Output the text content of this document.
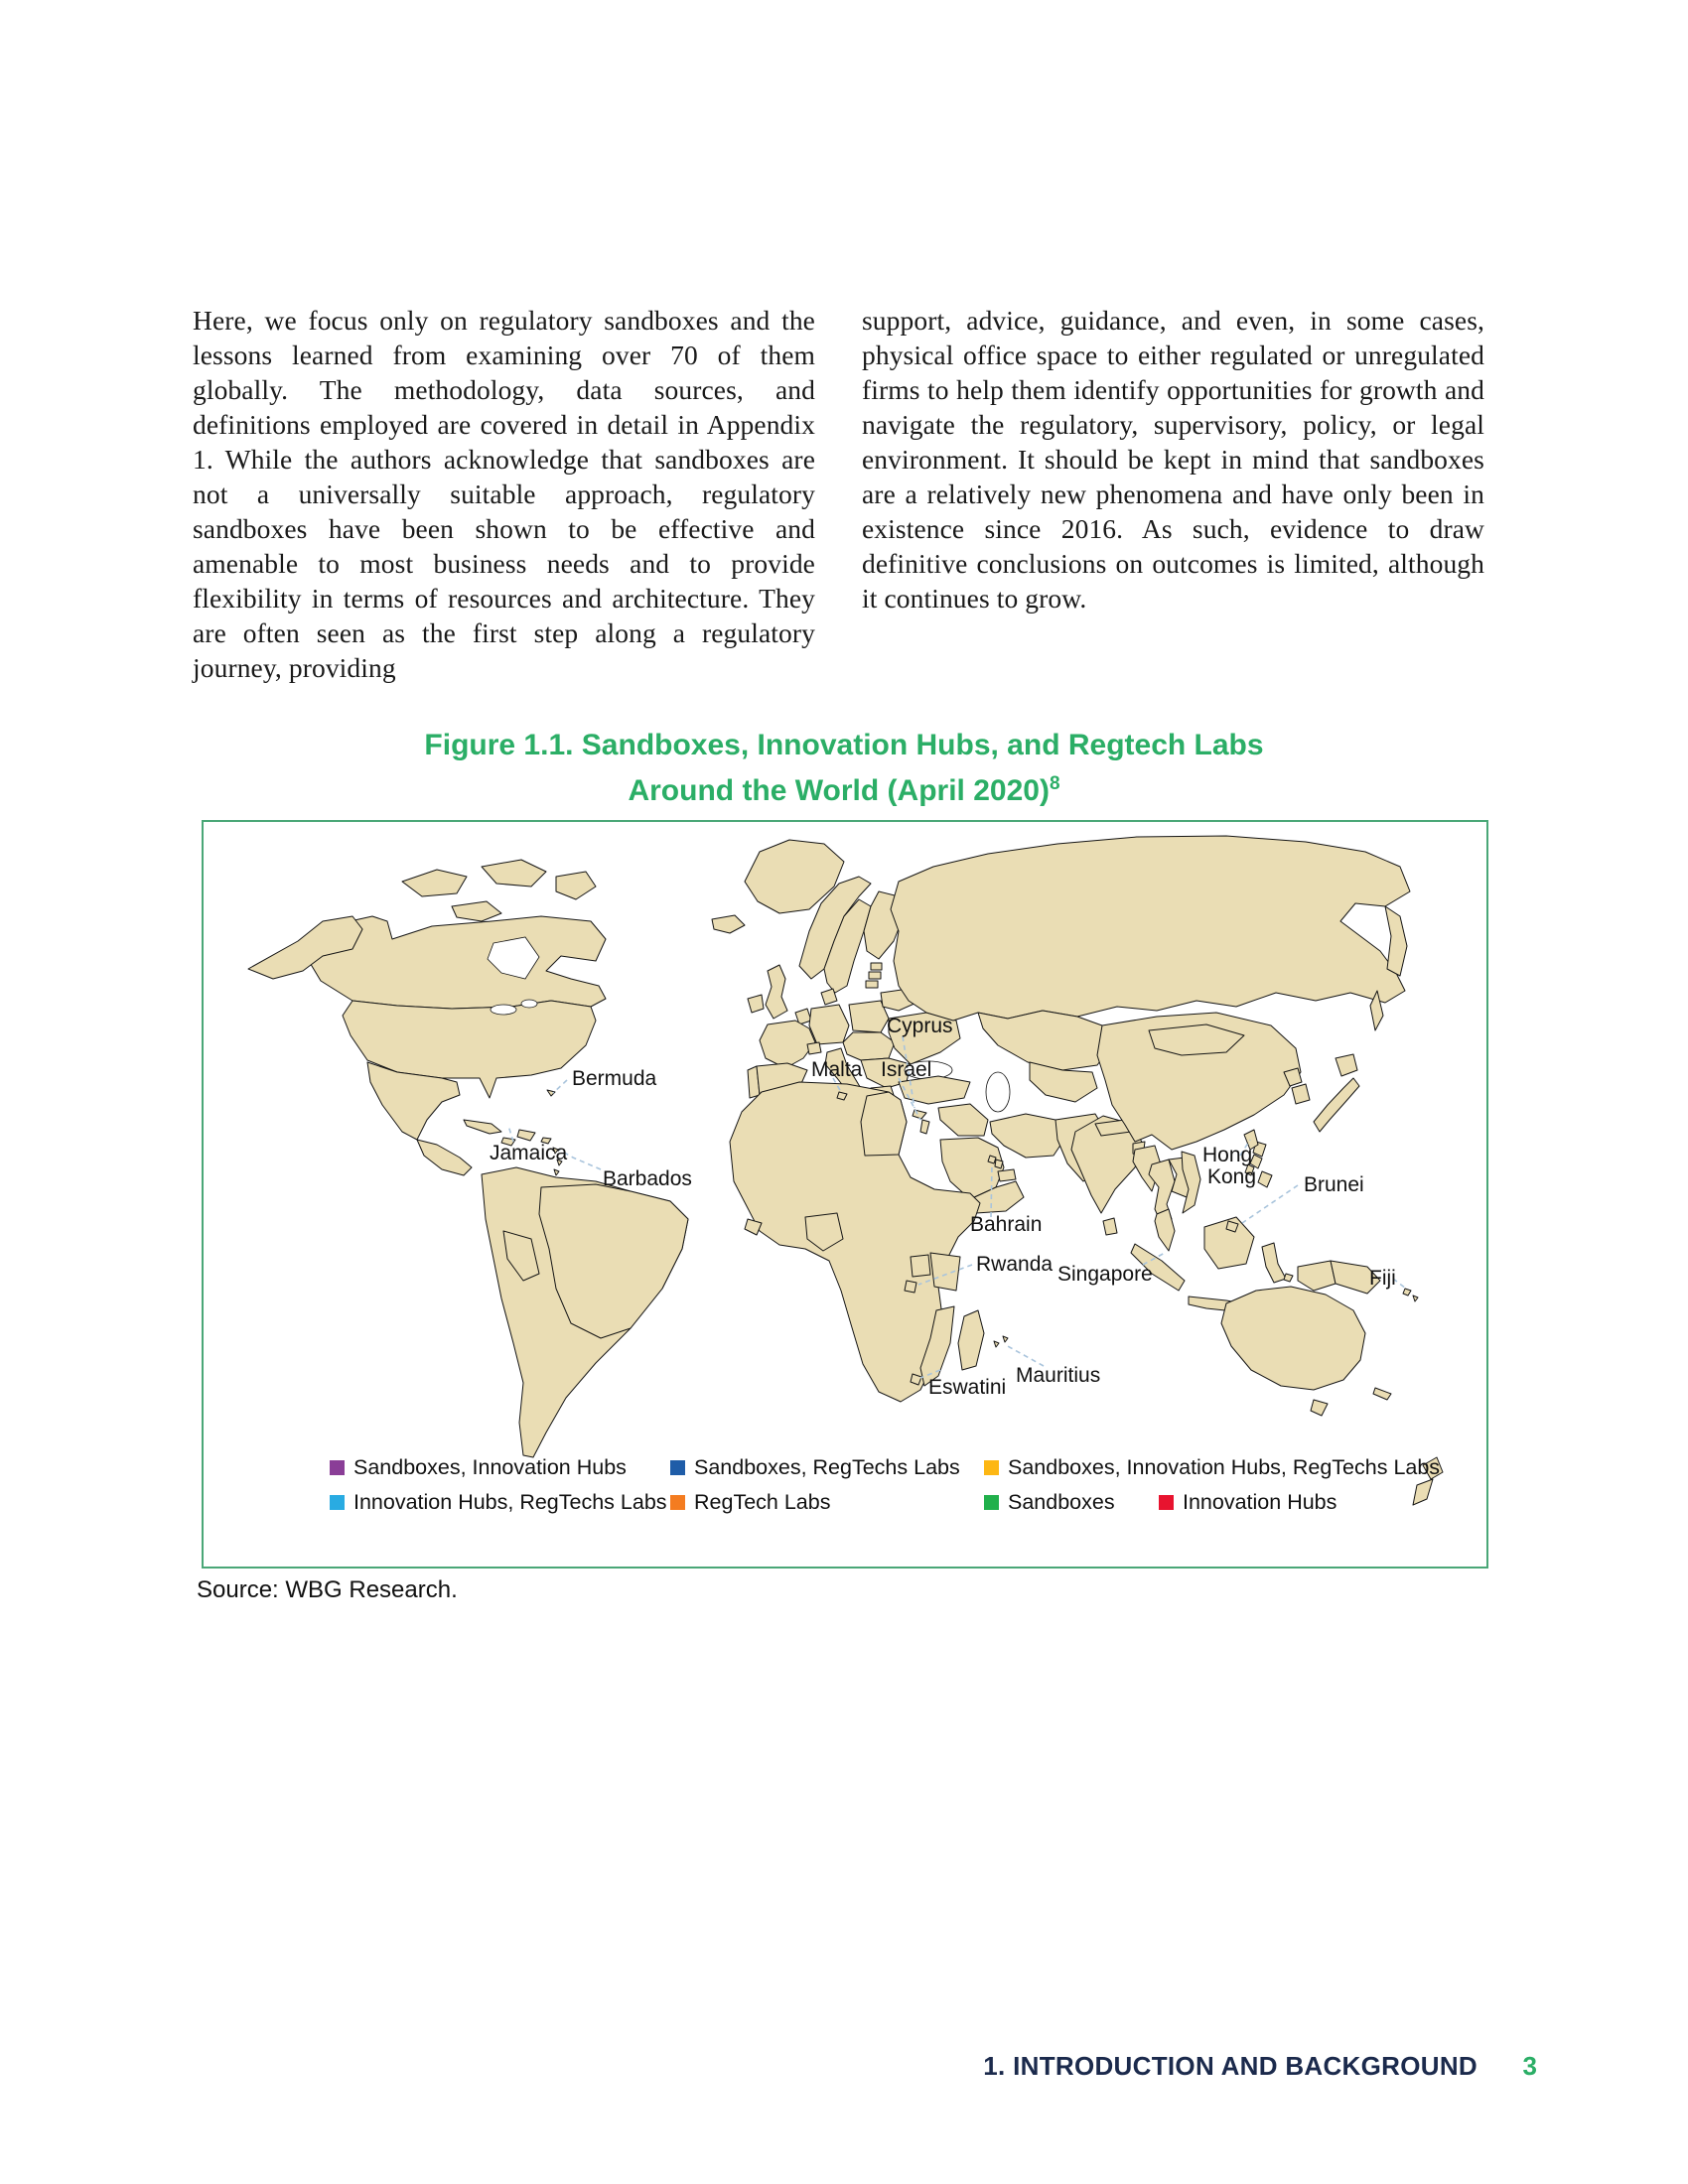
Here, we focus only on regulatory sandboxes and the lessons learned from examining over 70 of them globally. The methodology, data sources, and definitions employed are covered in detail in Appendix 1. While the authors acknowledge that sandboxes are not a universally suitable approach, regulatory sandboxes have been shown to be effective and amenable to most business needs and to provide flexibility in terms of resources and architecture. They are often seen as the first step along a regulatory journey, providing
support, advice, guidance, and even, in some cases, physical office space to either regulated or unregulated firms to help them identify opportunities for growth and navigate the regulatory, supervisory, policy, or legal environment. It should be kept in mind that sandboxes are a relatively new phenomena and have only been in existence since 2016. As such, evidence to draw definitive conclusions on outcomes is limited, although it continues to grow.
Figure 1.1. Sandboxes, Innovation Hubs, and Regtech Labs
Around the World (April 2020)$^8$
Bermuda
Jamaica
Barbados
Cyprus
Malta Israel
Bahrain
Hong
Kong Brunei
Rwanda Singapore	Fiji
Eswatini
Mauritius
Sandboxes, Innovation Hubs	Sandboxes, RegTechs Labs Sandboxes, Innovation Hubs, RegTechs Labs
Innovation Hubs, RegTechs Labs RegTech Labs	Sandboxes	Innovation Hubs
Source: WBG Research.
1. INTRODUCTION AND BACKGROUND 3
